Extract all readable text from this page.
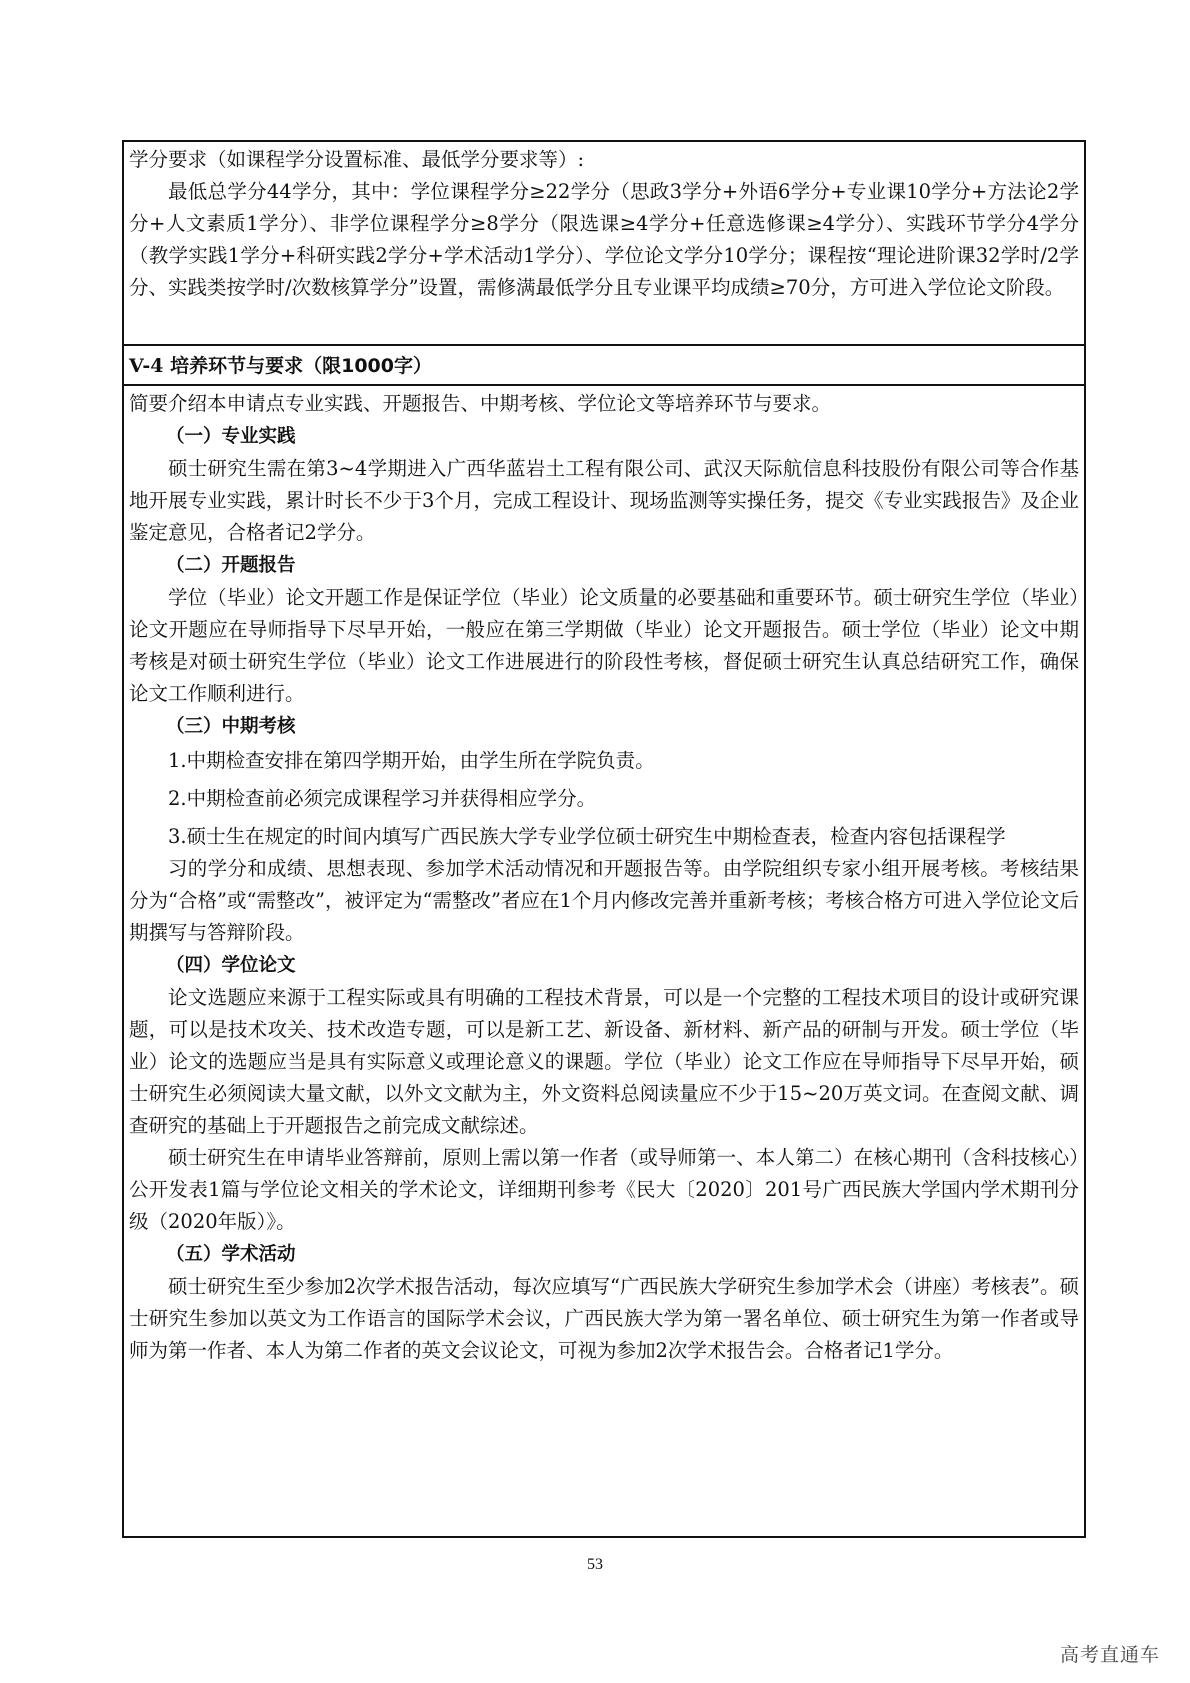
学分要求（如课程学分设置标准、最低学分要求等）:

最低总学分44学分，其中：学位课程学分≥22学分（思政3学分+外语6学分+专业课10学分+方法论2学分+人文素质1学分）、非学位课程学分≥8学分（限选课≥4学分+任意选修课≥4学分）、实践环节学分4学分（教学实践1学分+科研实践2学分+学术活动1学分）、学位论文学分10学分；课程按“理论进阶课32学时/2学分、实践类按学时/次数核算学分”设置，需修满最低学分且专业课平均成绩≥70分，方可进入学位论文阶段。

V-4 培养环节与要求（限1000字）

简要介绍本申请点专业实践、开题报告、中期考核、学位论文等培养环节与要求。

（一）专业实践

硕士研究生需在第3~4学期进入广西华蓝岩土工程有限公司、武汉天际航信息科技股份有限公司等合作基地开展专业实践，累计时长不少于3个月，完成工程设计、现场监测等实操任务，提交《专业实践报告》及企业鉴定意见，合格者记2学分。

（二）开题报告

学位（毕业）论文开题工作是保证学位（毕业）论文质量的必要基础和重要环节。硕士研究生学位（毕业）论文开题应在导师指导下尽早开始，一般应在第三学期做（毕业）论文开题报告。硕士学位（毕业）论文中期考核是对硕士研究生学位（毕业）论文工作进展进行的阶段性考核，督促硕士研究生认真总结研究工作，确保论文工作顺利进行。

（三）中期考核

1.中期检查安排在第四学期开始，由学生所在学院负责。

2.中期检查前必须完成课程学习并获得相应学分。

3.硕士生在规定的时间内填写广西民族大学专业学位硕士研究生中期检查表，检查内容包括课程学

习的学分和成绩、思想表现、参加学术活动情况和开题报告等。由学院组织专家小组开展考核。考核结果分为“合格”或“需整改”，被评定为“需整改”者应在1个月内修改完善并重新考核；考核合格方可进入学位论文后期撰写与答辩阶段。

（四）学位论文

论文选题应来源于工程实际或具有明确的工程技术背景，可以是一个完整的工程技术项目的设计或研究课题，可以是技术攻关、技术改造专题，可以是新工艺、新设备、新材料、新产品的研制与开发。硕士学位（毕业）论文的选题应当是具有实际意义或理论意义的课题。学位（毕业）论文工作应在导师指导下尽早开始，硕士研究生必须阅读大量文献，以外文文献为主，外文资料总阅读量应不少于15~20万英文词。在查阅文献、调查研究的基础上于开题报告之前完成文献综述。

硕士研究生在申请毕业答辩前，原则上需以第一作者（或导师第一、本人第二）在核心期刊（含科技核心）公开发表1篇与学位论文相关的学术论文，详细期刊参考《民大〔2020〕201号广西民族大学国内学术期刊分级（2020年版）》。

（五）学术活动

硕士研究生至少参加2次学术报告活动，每次应填写“广西民族大学研究生参加学术会（讲座）考核表”。硕士研究生参加以英文为工作语言的国际学术会议，广西民族大学为第一署名单位、硕士研究生为第一作者或导师为第一作者、本人为第二作者的英文会议论文，可视为参加2次学术报告会。合格者记1学分。

53
高考直通车
